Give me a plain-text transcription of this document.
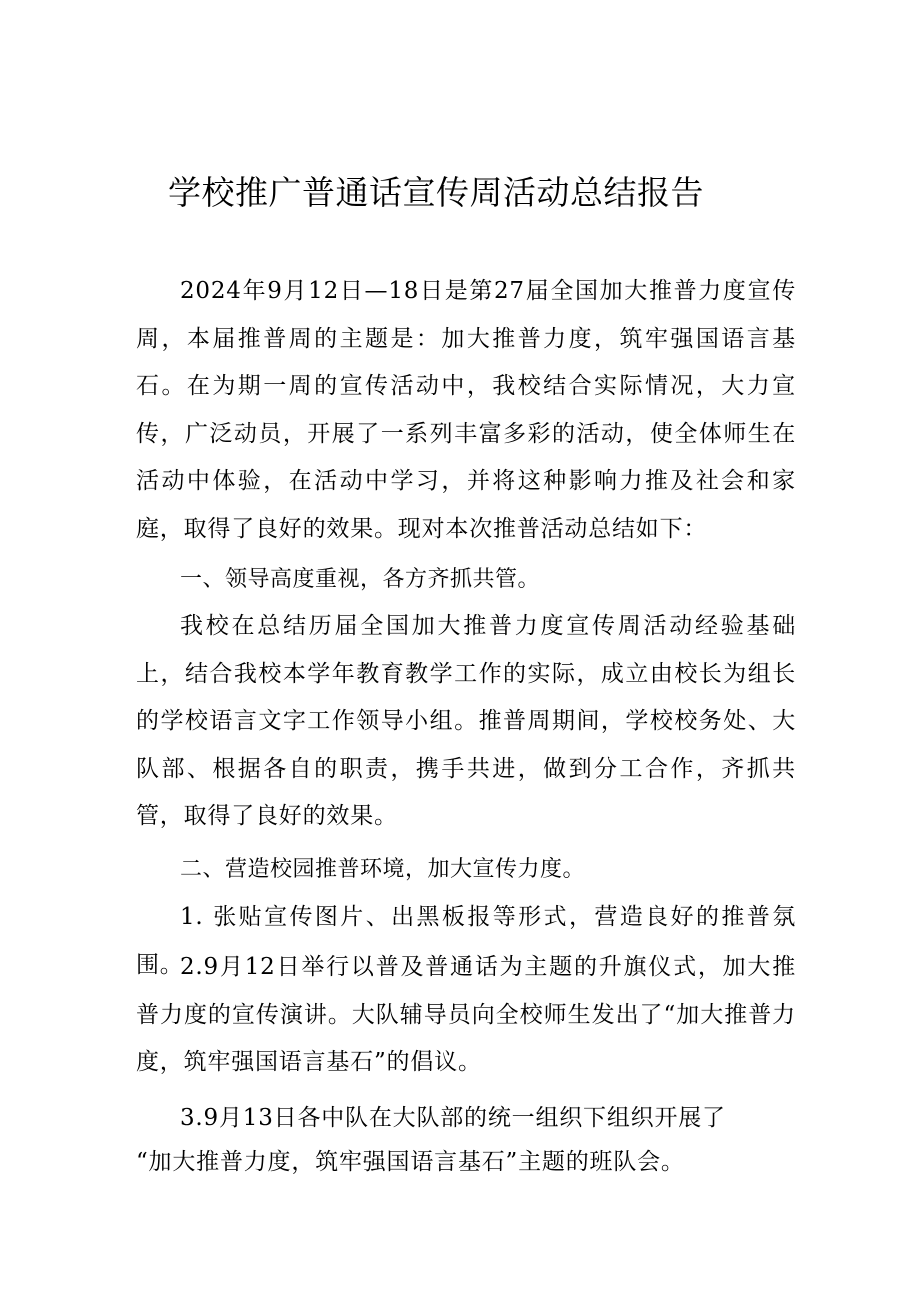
学校推广普通话宣传周活动总结报告

2024年9月12日—18日是第27届全国加大推普力度宣传周，本届推普周的主题是：加大推普力度，筑牢强国语言基石。在为期一周的宣传活动中，我校结合实际情况，大力宣传，广泛动员，开展了一系列丰富多彩的活动，使全体师生在活动中体验，在活动中学习，并将这种影响力推及社会和家庭，取得了良好的效果。现对本次推普活动总结如下：

一、领导高度重视，各方齐抓共管。

我校在总结历届全国加大推普力度宣传周活动经验基础上，结合我校本学年教育教学工作的实际，成立由校长为组长的学校语言文字工作领导小组。推普周期间，学校校务处、大队部、根据各自的职责，携手共进，做到分工合作，齐抓共管，取得了良好的效果。

二、营造校园推普环境，加大宣传力度。

1. 张贴宣传图片、出黑板报等形式，营造良好的推普氛围。

2.9月12日举行以普及普通话为主题的升旗仪式，加大推普力度的宣传演讲。大队辅导员向全校师生发出了“加大推普力度，筑牢强国语言基石”的倡议。

3.9月13日各中队在大队部的统一组织下组织开展了
“加大推普力度，筑牢强国语言基石”主题的班队会。
